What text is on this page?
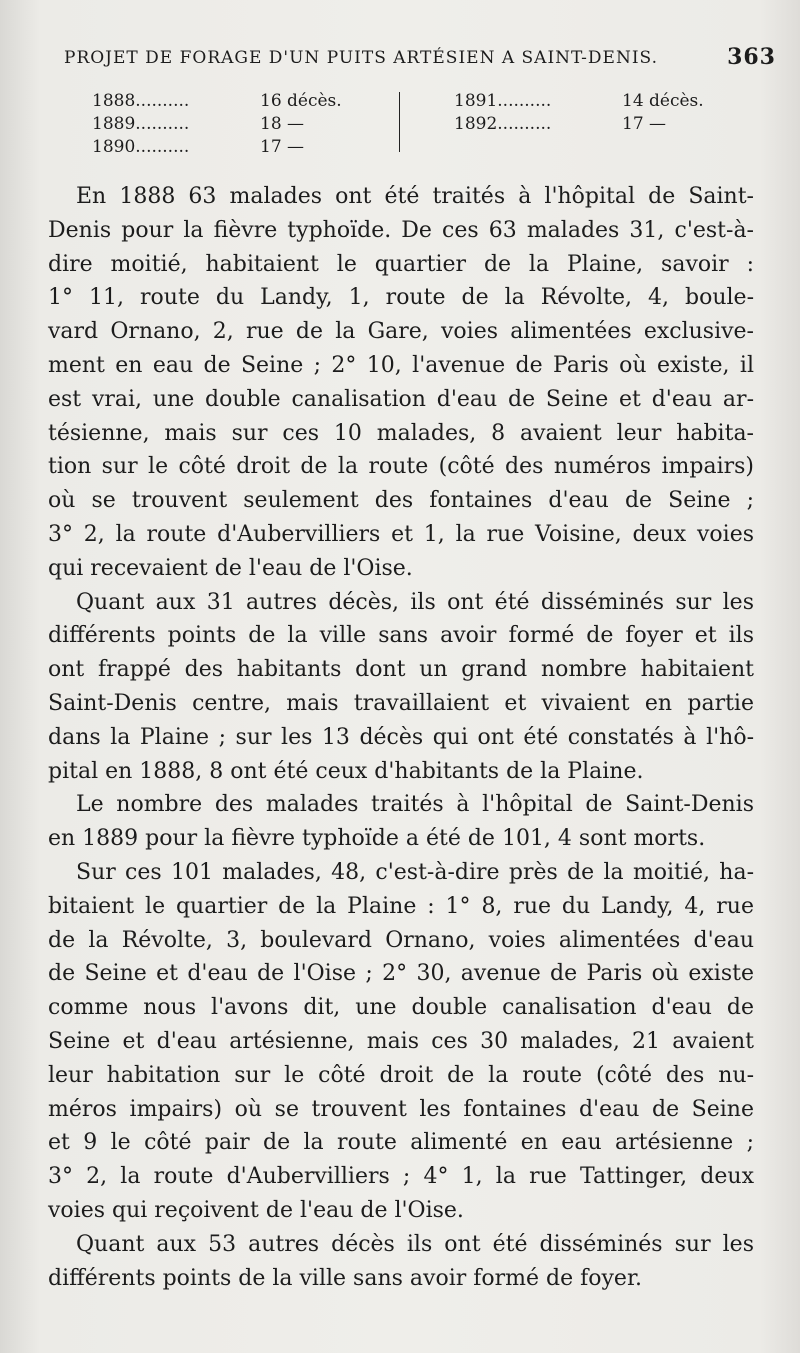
PROJET DE FORAGE D'UN PUITS ARTÉSIEN A SAINT-DENIS.	363
1888..........	16 décès.
1889..........	18 —
1890..........	17 —
1891..........	14 décès.
1892..........	17 —

En 1888 63 malades ont été traités à l'hôpital de Saint-
Denis pour la fièvre typhoïde. De ces 63 malades 31, c'est-à-
dire moitié, habitaient le quartier de la Plaine, savoir :
1° 11, route du Landy, 1, route de la Révolte, 4, boule-
vard Ornano, 2, rue de la Gare, voies alimentées exclusive-
ment en eau de Seine ; 2° 10, l'avenue de Paris où existe, il
est vrai, une double canalisation d'eau de Seine et d'eau ar-
tésienne, mais sur ces 10 malades, 8 avaient leur habita-
tion sur le côté droit de la route (côté des numéros impairs)
où se trouvent seulement des fontaines d'eau de Seine ;
3° 2, la route d'Aubervilliers et 1, la rue Voisine, deux voies
qui recevaient de l'eau de l'Oise.

Quant aux 31 autres décès, ils ont été disséminés sur les
différents points de la ville sans avoir formé de foyer et ils
ont frappé des habitants dont un grand nombre habitaient
Saint-Denis centre, mais travaillaient et vivaient en partie
dans la Plaine ; sur les 13 décès qui ont été constatés à l'hô-
pital en 1888, 8 ont été ceux d'habitants de la Plaine.

Le nombre des malades traités à l'hôpital de Saint-Denis
en 1889 pour la fièvre typhoïde a été de 101, 4 sont morts.

Sur ces 101 malades, 48, c'est-à-dire près de la moitié, ha-
bitaient le quartier de la Plaine : 1° 8, rue du Landy, 4, rue
de la Révolte, 3, boulevard Ornano, voies alimentées d'eau
de Seine et d'eau de l'Oise ; 2° 30, avenue de Paris où existe
comme nous l'avons dit, une double canalisation d'eau de
Seine et d'eau artésienne, mais ces 30 malades, 21 avaient
leur habitation sur le côté droit de la route (côté des nu-
méros impairs) où se trouvent les fontaines d'eau de Seine
et 9 le côté pair de la route alimenté en eau artésienne ;
3° 2, la route d'Aubervilliers ; 4° 1, la rue Tattinger, deux
voies qui reçoivent de l'eau de l'Oise.

Quant aux 53 autres décès ils ont été disséminés sur les
différents points de la ville sans avoir formé de foyer.
